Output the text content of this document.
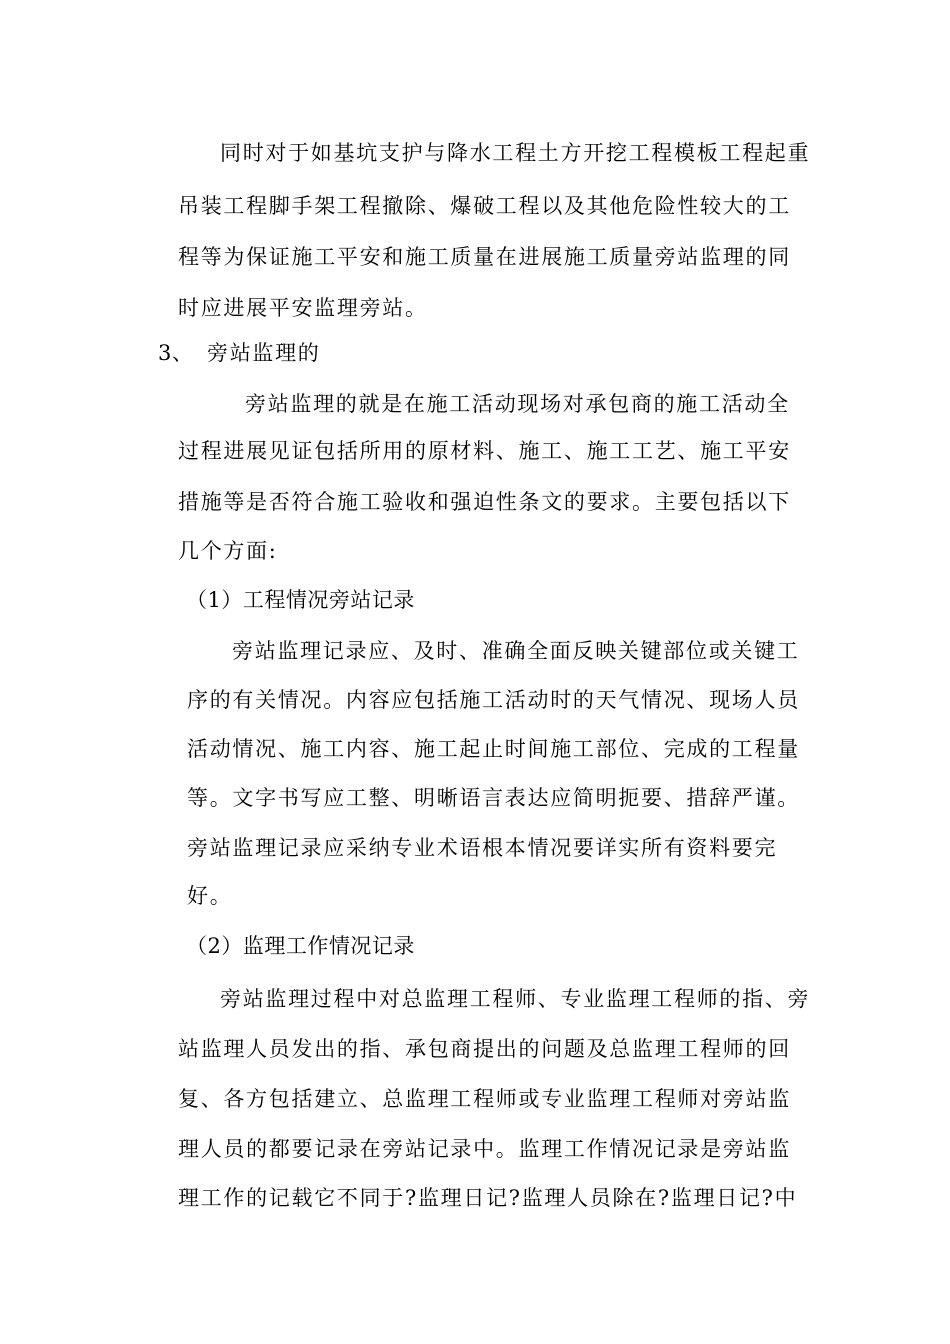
同时对于如基坑支护与降水工程土方开挖工程模板工程起重
吊装工程脚手架工程撤除、爆破工程以及其他危险性较大的工
程等为保证施工平安和施工质量在进展施工质量旁站监理的同
时应进展平安监理旁站。
3、 旁站监理的
旁站监理的就是在施工活动现场对承包商的施工活动全
过程进展见证包括所用的原材料、施工、施工工艺、施工平安
措施等是否符合施工验收和强迫性条文的要求。主要包括以下
几个方面:
（1）工程情况旁站记录
旁站监理记录应、及时、准确全面反映关键部位或关键工
序的有关情况。内容应包括施工活动时的天气情况、现场人员
活动情况、施工内容、施工起止时间施工部位、完成的工程量
等。文字书写应工整、明晰语言表达应简明扼要、措辞严谨。
旁站监理记录应采纳专业术语根本情况要详实所有资料要完
好。
（2）监理工作情况记录
旁站监理过程中对总监理工程师、专业监理工程师的指、旁
站监理人员发出的指、承包商提出的问题及总监理工程师的回
复、各方包括建立、总监理工程师或专业监理工程师对旁站监
理人员的都要记录在旁站记录中。监理工作情况记录是旁站监
理工作的记载它不同于?监理日记?监理人员除在?监理日记?中
